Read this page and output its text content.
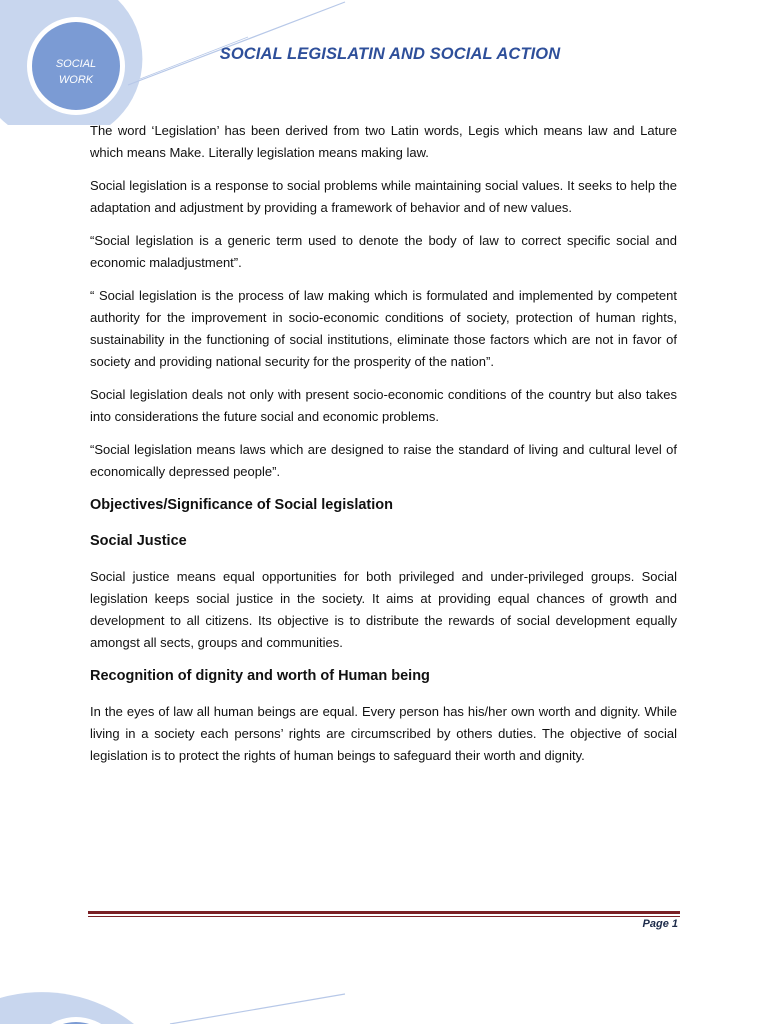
SOCIAL
WORK
SOCIAL LEGISLATIN AND SOCIAL ACTION

The word ‘Legislation’ has been derived from two Latin words, Legis which means law and Lature which means Make. Literally legislation means making law.

Social legislation is a response to social problems while maintaining social values. It seeks to help the adaptation and adjustment by providing a framework of behavior and of new values.

“Social legislation is a generic term used to denote the body of law to correct specific social and economic maladjustment”.

“ Social legislation is the process of law making which is formulated and implemented by competent authority for the improvement in socio-economic conditions of society, protection of human rights, sustainability in the functioning of social institutions, eliminate those factors which are not in favor of society and providing national security for the prosperity of the nation”.

Social legislation deals not only with present socio-economic conditions of the country but also takes into considerations the future social and economic problems.

“Social legislation means laws which are designed to raise the standard of living and cultural level of economically depressed people”.

Objectives/Significance of Social legislation
Social Justice

Social justice means equal opportunities for both privileged and under-privileged groups. Social legislation keeps social justice in the society. It aims at providing equal chances of growth and development to all citizens. Its objective is to distribute the rewards of social development equally amongst all sects, groups and communities.

Recognition of dignity and worth of Human being

In the eyes of law all human beings are equal. Every person has his/her own worth and dignity. While living in a society each persons’ rights are circumscribed by others duties. The objective of social legislation is to protect the rights of human beings to safeguard their worth and dignity.

Page 1
